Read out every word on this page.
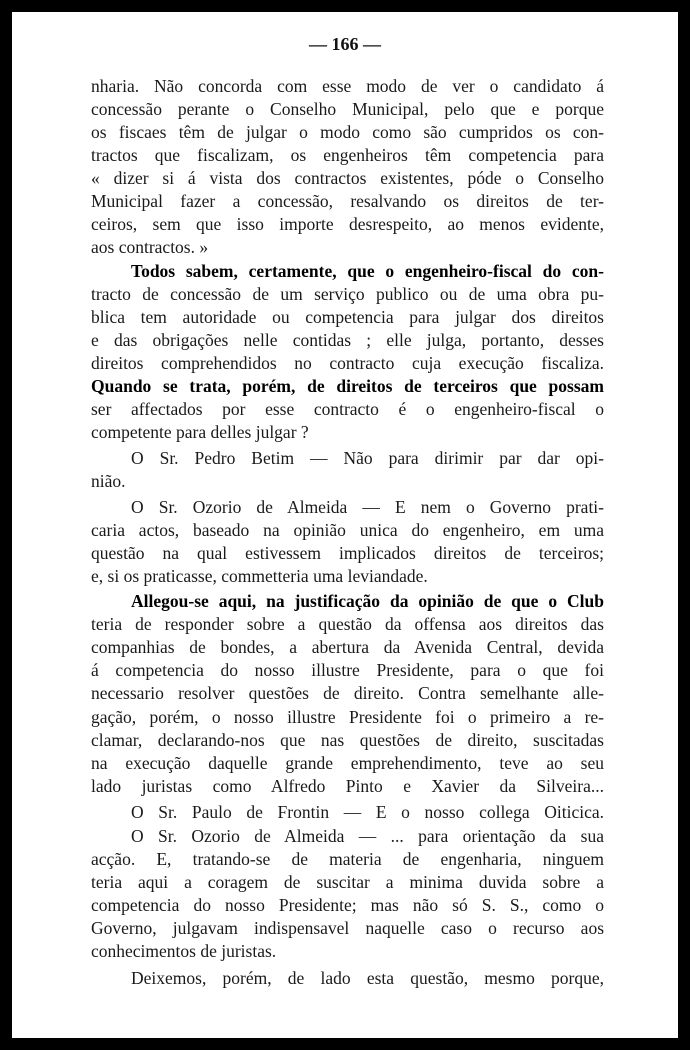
— 166 —
nharia. Não concorda com esse modo de ver o candidato á
concessão perante o Conselho Municipal, pelo que e porque
os fiscaes têm de julgar o modo como são cumpridos os con-
tractos que fiscalizam, os engenheiros têm competencia para
« dizer si á vista dos contractos existentes, póde o Conselho
Municipal fazer a concessão, resalvando os direitos de ter-
ceiros, sem que isso importe desrespeito, ao menos evidente,
aos contractos. »
Todos sabem, certamente, que o engenheiro-fiscal do con-
tracto de concessão de um serviço publico ou de uma obra pu-
blica tem autoridade ou competencia para julgar dos direitos
e das obrigações nelle contidas ; elle julga, portanto, desses
direitos comprehendidos no contracto cuja execução fiscaliza.
Quando se trata, porém, de direitos de terceiros que possam
ser affectados por esse contracto é o engenheiro-fiscal o
competente para delles julgar ?
O Sr. Pedro Betim — Não para dirimir par dar opi-
nião.
O Sr. Ozorio de Almeida — E nem o Governo prati-
caria actos, baseado na opinião unica do engenheiro, em uma
questão na qual estivessem implicados direitos de terceiros;
e, si os praticasse, commetteria uma leviandade.
Allegou-se aqui, na justificação da opinião de que o Club
teria de responder sobre a questão da offensa aos direitos das
companhias de bondes, a abertura da Avenida Central, devida
á competencia do nosso illustre Presidente, para o que foi
necessario resolver questões de direito. Contra semelhante alle-
gação, porém, o nosso illustre Presidente foi o primeiro a re-
clamar, declarando-nos que nas questões de direito, suscitadas
na execução daquelle grande emprehendimento, teve ao seu
lado juristas como Alfredo Pinto e Xavier da Silveira...
O Sr. Paulo de Frontin — E o nosso collega Oiticica.
O Sr. Ozorio de Almeida — ... para orientação da sua
acção. E, tratando-se de materia de engenharia, ninguem
teria aqui a coragem de suscitar a minima duvida sobre a
competencia do nosso Presidente; mas não só S. S., como o
Governo, julgavam indispensavel naquelle caso o recurso aos
conhecimentos de juristas.
Deixemos, porém, de lado esta questão, mesmo porque,
